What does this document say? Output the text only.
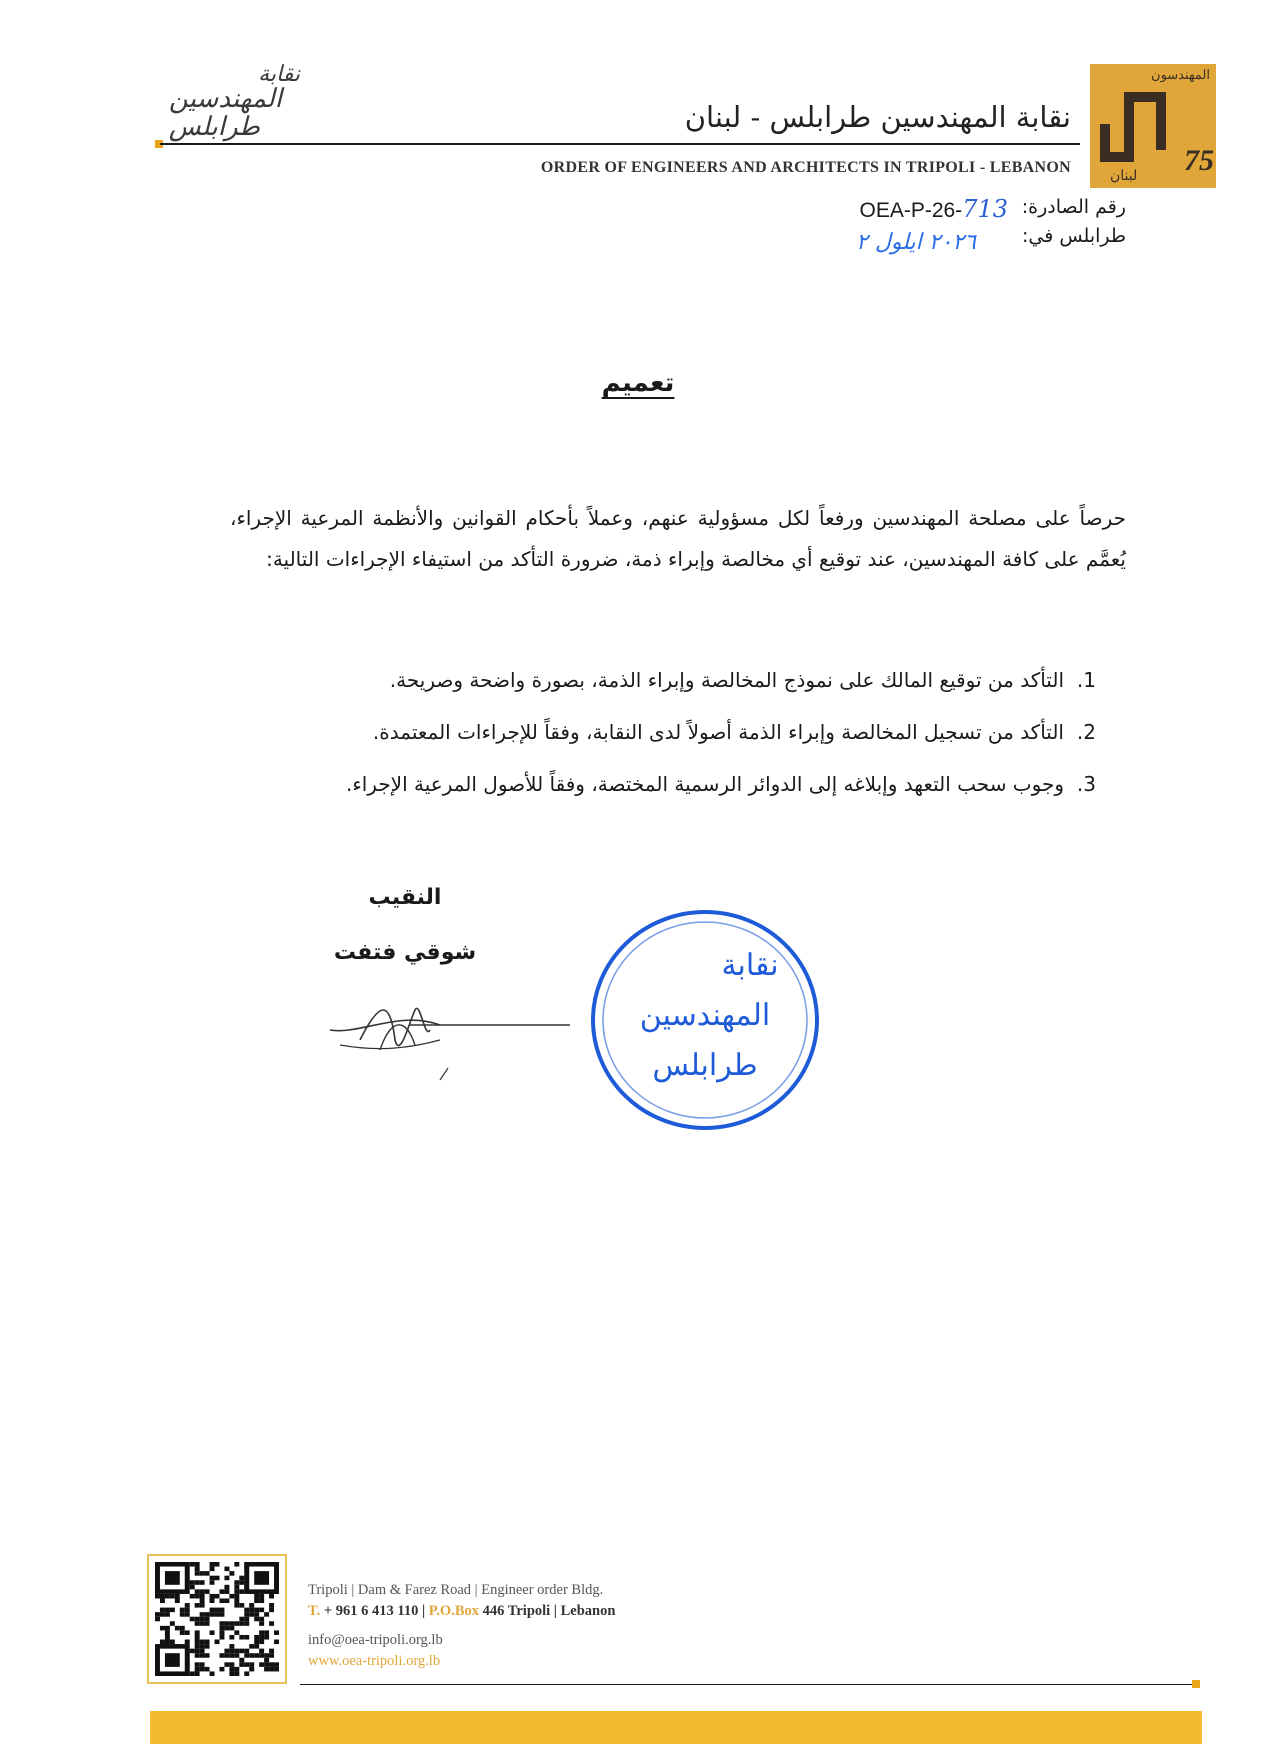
نقابة
المهندسين
طرابلس	نقابة المهندسين طرابلس - لبنان
ORDER OF ENGINEERS AND ARCHITECTS IN TRIPOLI - LEBANON
المهندسون
لبنان 75
رقم الصادرة:
OEA-P-26-713
طرابلس في:
٢٠٢٦ ايلول ٢
تعميم
حرصاً على مصلحة المهندسين ورفعاً لكل مسؤولية عنهم، وعملاً بأحكام القوانين والأنظمة المرعية الإجراء، يُعمَّم على كافة المهندسين، عند توقيع أي مخالصة وإبراء ذمة، ضرورة التأكد من استيفاء الإجراءات التالية:
1.التأكد من توقيع المالك على نموذج المخالصة وإبراء الذمة، بصورة واضحة وصريحة.
2.التأكد من تسجيل المخالصة وإبراء الذمة أصولاً لدى النقابة، وفقاً للإجراءات المعتمدة.
3.وجوب سحب التعهد وإبلاغه إلى الدوائر الرسمية المختصة، وفقاً للأصول المرعية الإجراء.
النقيب
شوقي فتفت	نقابة
المهندسين
طرابلس
Tripoli | Dam & Farez Road | Engineer order Bldg.
T. + 961 6 413 110 | P.O.Box 446 Tripoli | Lebanon
info@oea-tripoli.org.lb
www.oea-tripoli.org.lb
